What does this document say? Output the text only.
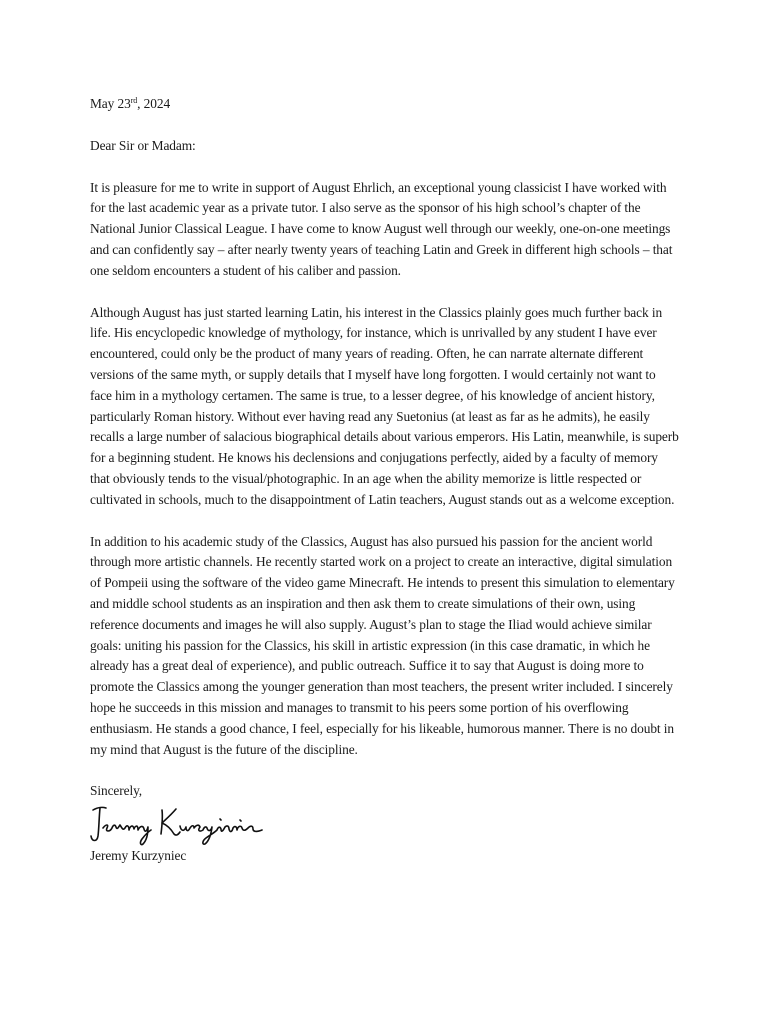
May 23rd, 2024

Dear Sir or Madam:

It is pleasure for me to write in support of August Ehrlich, an exceptional young classicist I have worked with for the last academic year as a private tutor. I also serve as the sponsor of his high school’s chapter of the National Junior Classical League. I have come to know August well through our weekly, one-on-one meetings and can confidently say – after nearly twenty years of teaching Latin and Greek in different high schools – that one seldom encounters a student of his caliber and passion.

Although August has just started learning Latin, his interest in the Classics plainly goes much further back in life. His encyclopedic knowledge of mythology, for instance, which is unrivalled by any student I have ever encountered, could only be the product of many years of reading. Often, he can narrate alternate different versions of the same myth, or supply details that I myself have long forgotten. I would certainly not want to face him in a mythology certamen. The same is true, to a lesser degree, of his knowledge of ancient history, particularly Roman history. Without ever having read any Suetonius (at least as far as he admits), he easily recalls a large number of salacious biographical details about various emperors. His Latin, meanwhile, is superb for a beginning student. He knows his declensions and conjugations perfectly, aided by a faculty of memory that obviously tends to the visual/photographic. In an age when the ability memorize is little respected or cultivated in schools, much to the disappointment of Latin teachers, August stands out as a welcome exception.

In addition to his academic study of the Classics, August has also pursued his passion for the ancient world through more artistic channels. He recently started work on a project to create an interactive, digital simulation of Pompeii using the software of the video game Minecraft. He intends to present this simulation to elementary and middle school students as an inspiration and then ask them to create simulations of their own, using reference documents and images he will also supply. August’s plan to stage the Iliad would achieve similar goals: uniting his passion for the Classics, his skill in artistic expression (in this case dramatic, in which he already has a great deal of experience), and public outreach. Suffice it to say that August is doing more to promote the Classics among the younger generation than most teachers, the present writer included. I sincerely hope he succeeds in this mission and manages to transmit to his peers some portion of his overflowing enthusiasm. He stands a good chance, I feel, especially for his likeable, humorous manner. There is no doubt in my mind that August is the future of the discipline.

Sincerely,

Jeremy Kurzyniec
